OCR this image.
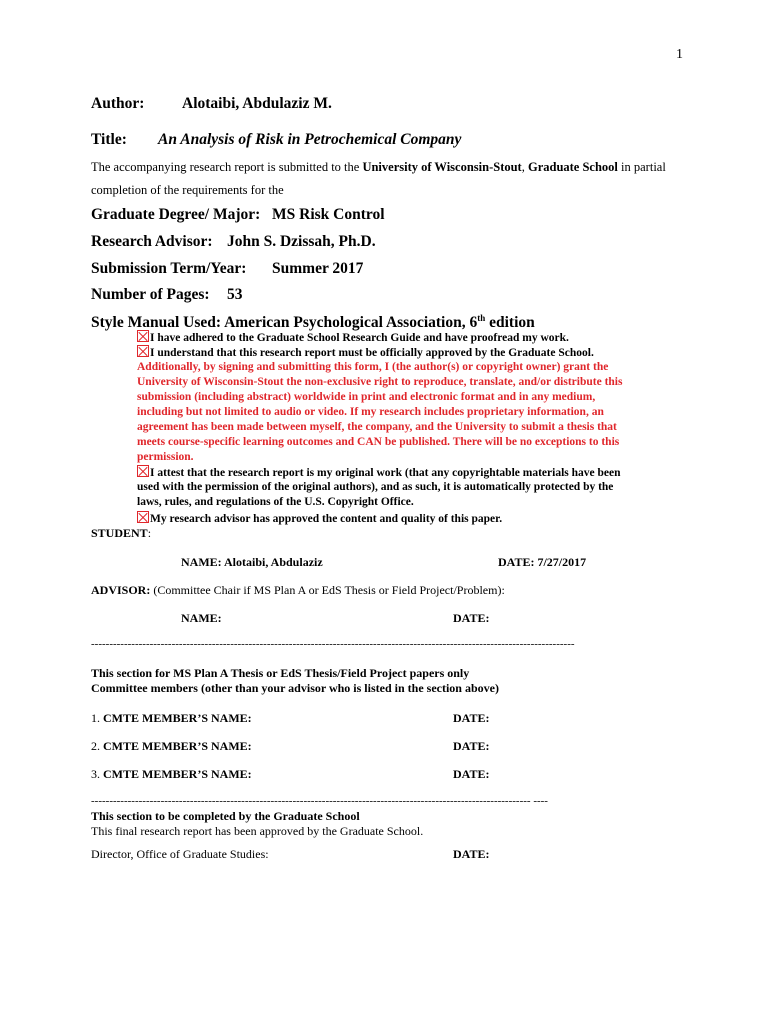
1
Author: Alotaibi, Abdulaziz M.
Title: An Analysis of Risk in Petrochemical Company
The accompanying research report is submitted to the University of Wisconsin-Stout, Graduate School in partial
completion of the requirements for the
Graduate Degree/ Major: MS Risk Control
Research Advisor: John S. Dzissah, Ph.D.
Submission Term/Year: Summer 2017
Number of Pages: 53
Style Manual Used: American Psychological Association, 6th edition
I have adhered to the Graduate School Research Guide and have proofread my work.
I understand that this research report must be officially approved by the Graduate School.
Additionally, by signing and submitting this form, I (the author(s) or copyright owner) grant the
University of Wisconsin-Stout the non-exclusive right to reproduce, translate, and/or distribute this
submission (including abstract) worldwide in print and electronic format and in any medium,
including but not limited to audio or video. If my research includes proprietary information, an
agreement has been made between myself, the company, and the University to submit a thesis that
meets course-specific learning outcomes and CAN be published. There will be no exceptions to this
permission.
I attest that the research report is my original work (that any copyrightable materials have been
used with the permission of the original authors), and as such, it is automatically protected by the
laws, rules, and regulations of the U.S. Copyright Office.
My research advisor has approved the content and quality of this paper.
STUDENT:
NAME: Alotaibi, Abdulaziz	DATE: 7/27/2017
ADVISOR: (Committee Chair if MS Plan A or EdS Thesis or Field Project/Problem):
NAME:	DATE:
------------------------------------------------------------------------------------------------------------------------------------
This section for MS Plan A Thesis or EdS Thesis/Field Project papers only
Committee members (other than your advisor who is listed in the section above)
1. CMTE MEMBER’S NAME:	DATE:
2. CMTE MEMBER’S NAME:	DATE:
3. CMTE MEMBER’S NAME:	DATE:
------------------------------------------------------------------------------------------------------------------------ ----
This section to be completed by the Graduate School
This final research report has been approved by the Graduate School.
Director, Office of Graduate Studies:	DATE:
